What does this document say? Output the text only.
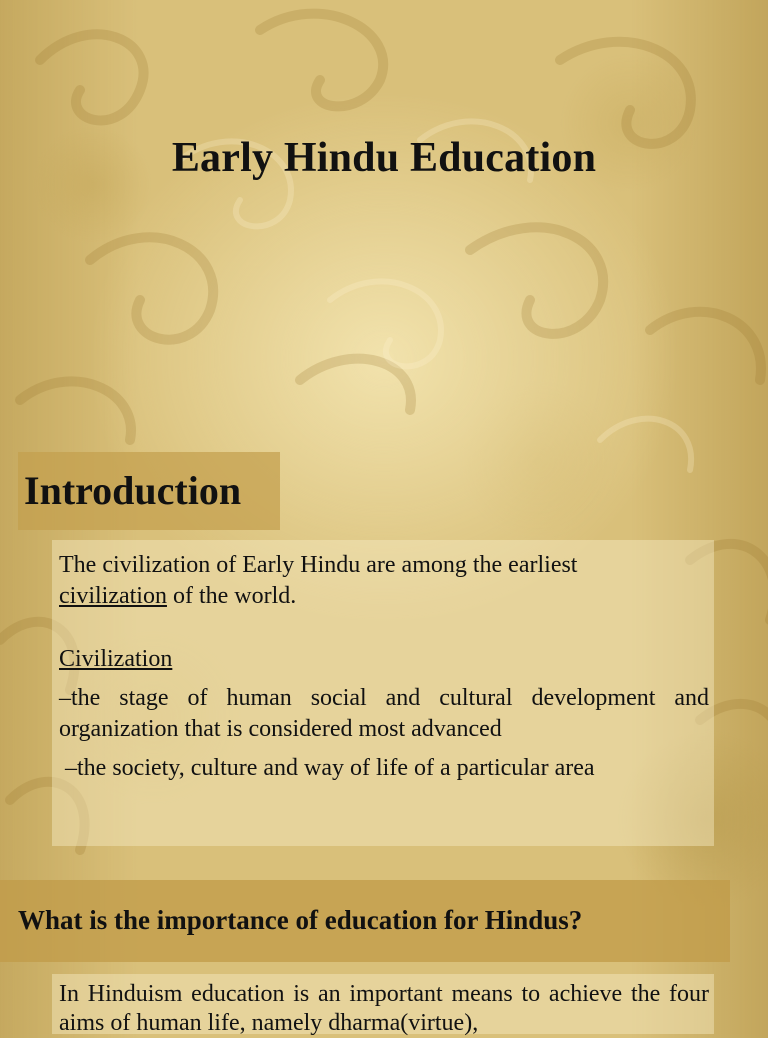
Early Hindu Education
Introduction

The civilization of Early Hindu are among the earliest

civilization of the world.

Civilization

–the stage of human social and cultural development and organization that is considered most advanced

–the society, culture and way of life of a particular area

What is the importance of education for Hindus?

In Hinduism education is an important means to achieve the four aims of human life, namely dharma(virtue),
